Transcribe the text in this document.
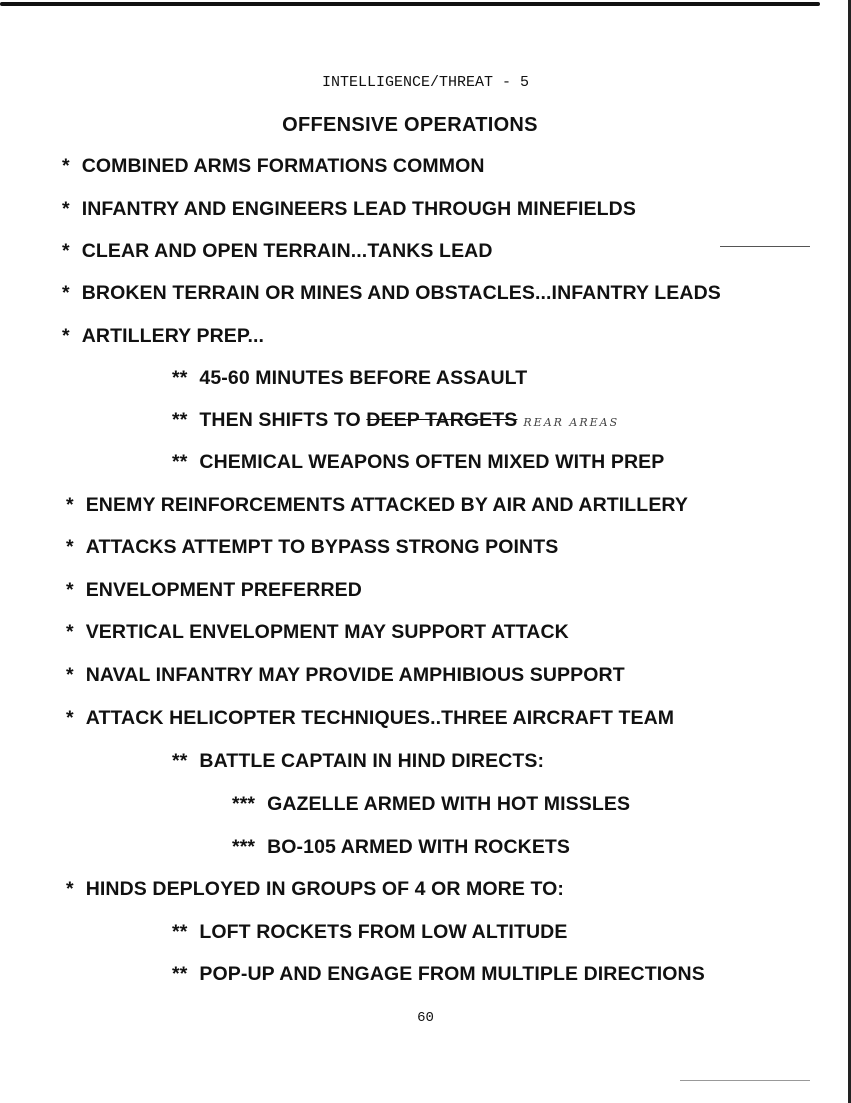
INTELLIGENCE/THREAT - 5
OFFENSIVE OPERATIONS
* COMBINED ARMS FORMATIONS COMMON
* INFANTRY AND ENGINEERS LEAD THROUGH MINEFIELDS
* CLEAR AND OPEN TERRAIN...TANKS LEAD
* BROKEN TERRAIN OR MINES AND OBSTACLES...INFANTRY LEADS
* ARTILLERY PREP...
** 45-60 MINUTES BEFORE ASSAULT
** THEN SHIFTS TO DEEP TARGETS REAR AREAS
** CHEMICAL WEAPONS OFTEN MIXED WITH PREP
* ENEMY REINFORCEMENTS ATTACKED BY AIR AND ARTILLERY
* ATTACKS ATTEMPT TO BYPASS STRONG POINTS
* ENVELOPMENT PREFERRED
* VERTICAL ENVELOPMENT MAY SUPPORT ATTACK
* NAVAL INFANTRY MAY PROVIDE AMPHIBIOUS SUPPORT
* ATTACK HELICOPTER TECHNIQUES..THREE AIRCRAFT TEAM
** BATTLE CAPTAIN IN HIND DIRECTS:
*** GAZELLE ARMED WITH HOT MISSLES
*** BO-105 ARMED WITH ROCKETS
* HINDS DEPLOYED IN GROUPS OF 4 OR MORE TO:
** LOFT ROCKETS FROM LOW ALTITUDE
** POP-UP AND ENGAGE FROM MULTIPLE DIRECTIONS
60
